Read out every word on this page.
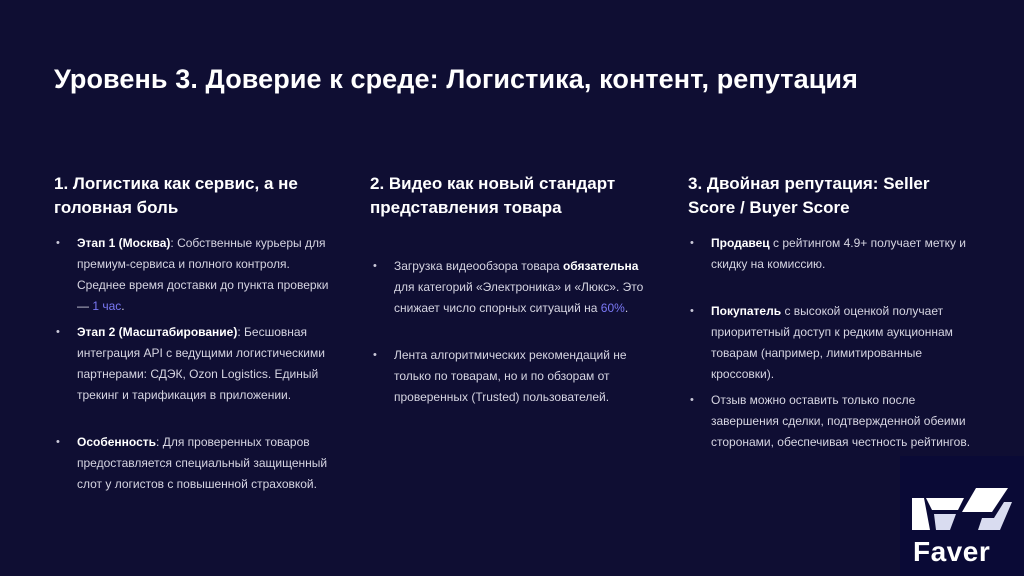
Уровень 3. Доверие к среде: Логистика, контент, репутация
1. Логистика как сервис, а не головная боль
• Этап 1 (Москва): Собственные курьеры для премиум-сервиса и полного контроля. Среднее время доставки до пункта проверки — 1 час.
• Этап 2 (Масштабирование): Бесшовная интеграция API с ведущими логистическими партнерами: СДЭК, Ozon Logistics. Единый трекинг и тарификация в приложении.
• Особенность: Для проверенных товаров предоставляется специальный защищенный слот у логистов с повышенной страховкой.
2. Видео как новый стандарт представления товара
• Загрузка видеообзора товара обязательна для категорий «Электроника» и «Люкс». Это снижает число спорных ситуаций на 60%.
• Лента алгоритмических рекомендаций не только по товарам, но и по обзорам от проверенных (Trusted) пользователей.
3. Двойная репутация: Seller Score / Buyer Score
• Продавец с рейтингом 4.9+ получает метку и скидку на комиссию.
• Покупатель с высокой оценкой получает приоритетный доступ к редким аукционнам товарам (например, лимитированные кроссовки).
• Отзыв можно оставить только после завершения сделки, подтвержденной обеими сторонами, обеспечивая честность рейтингов.
Faver
